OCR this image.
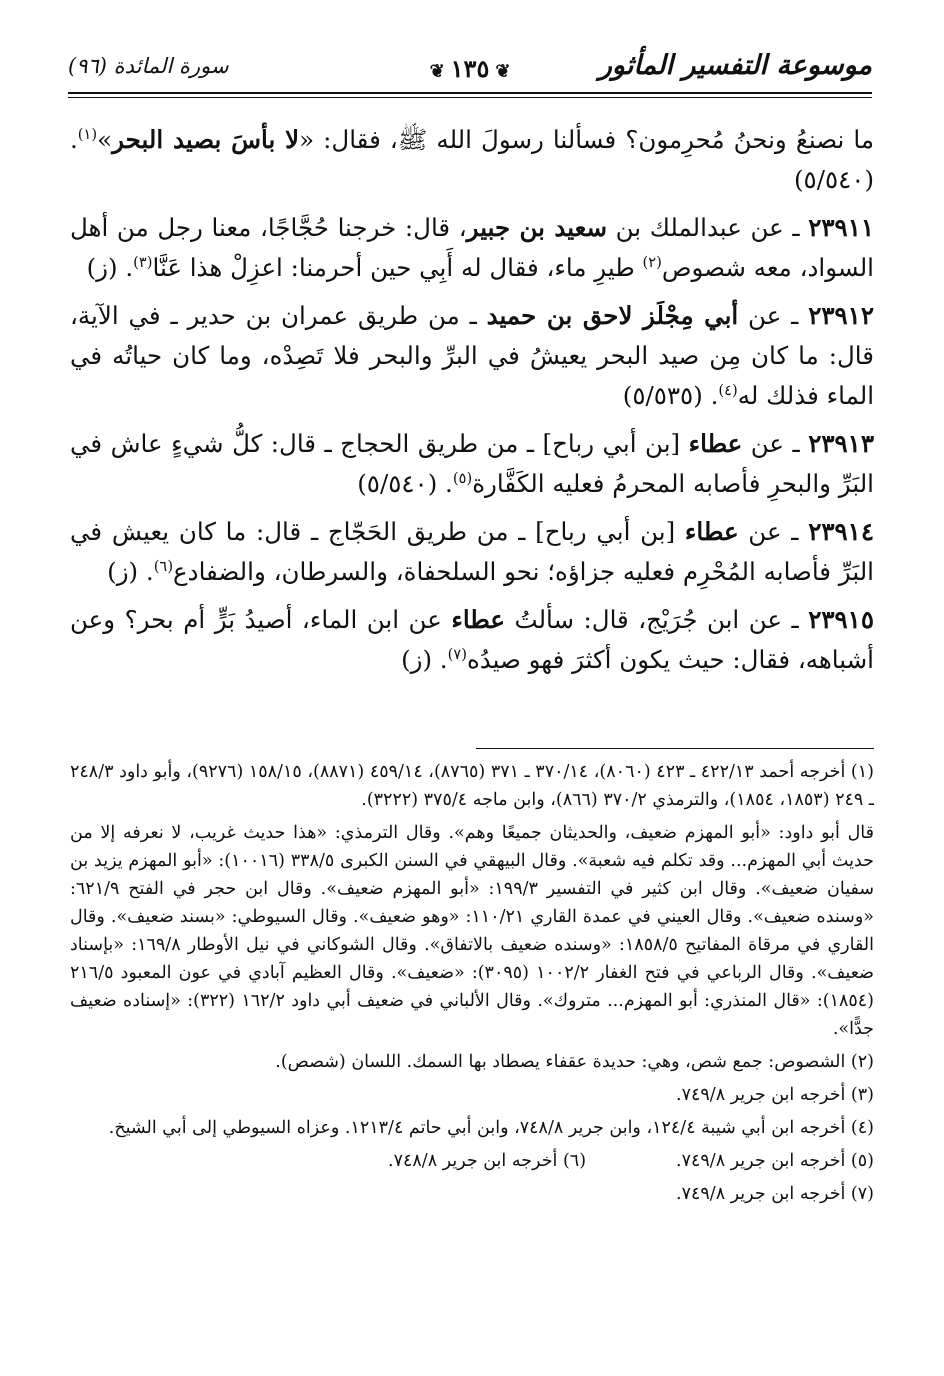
موسوعة التفسير المأثور
❦١٣٥❦
سورة المائدة (٩٦)

ما نصنعُ ونحنُ مُحرِمون؟ فسألنا رسولَ الله ﷺ، فقال: «لا بأسَ بصيد البحر»$^{(١)}$. (٥/٥٤٠)

٢٣٩١١ ـ عن عبدالملك بن سعيد بن جبير، قال: خرجنا حُجَّاجًا، معنا رجل من أهل السواد، معه شصوص$^{(٢)}$ طيرِ ماء، فقال له أَبِي حين أحرمنا: اعزِلْ هذا عَنَّا$^{(٣)}$. (ز)

٢٣٩١٢ ـ عن أبي مِجْلَز لاحق بن حميد ـ من طريق عمران بن حدير ـ في الآية، قال: ما كان مِن صيد البحر يعيشُ في البرِّ والبحر فلا تَصِدْه، وما كان حياتُه في الماء فذلك له$^{(٤)}$. (٥/٥٣٥)

٢٣٩١٣ ـ عن عطاء [بن أبي رباح] ـ من طريق الحجاج ـ قال: كلُّ شيءٍ عاش في البَرِّ والبحرِ فأصابه المحرمُ فعليه الكَفَّارة$^{(٥)}$. (٥/٥٤٠)

٢٣٩١٤ ـ عن عطاء [بن أبي رباح] ـ من طريق الحَجّاج ـ قال: ما كان يعيش في البَرِّ فأصابه المُحْرِم فعليه جزاؤه؛ نحو السلحفاة، والسرطان، والضفادع$^{(٦)}$. (ز)

٢٣٩١٥ ـ عن ابن جُرَيْج، قال: سألتُ عطاء عن ابن الماء، أصيدُ بَرٍّ أم بحر؟ وعن أشباهه، فقال: حيث يكون أكثرَ فهو صيدُه$^{(٧)}$. (ز)

(١) أخرجه أحمد ٤٢٢/١٣ ـ ٤٢٣ (٨٠٦٠)، ٣٧٠/١٤ ـ ٣٧١ (٨٧٦٥)، ٤٥٩/١٤ (٨٨٧١)، ١٥٨/١٥ (٩٢٧٦)، وأبو داود ٢٤٨/٣ ـ ٢٤٩ (١٨٥٣، ١٨٥٤)، والترمذي ٣٧٠/٢ (٨٦٦)، وابن ماجه ٣٧٥/٤ (٣٢٢٢).

قال أبو داود: «أبو المهزم ضعيف، والحديثان جميعًا وهم». وقال الترمذي: «هذا حديث غريب، لا نعرفه إلا من حديث أبي المهزم... وقد تكلم فيه شعبة». وقال البيهقي في السنن الكبرى ٣٣٨/٥ (١٠٠١٦): «أبو المهزم يزيد بن سفيان ضعيف». وقال ابن كثير في التفسير ١٩٩/٣: «أبو المهزم ضعيف». وقال ابن حجر في الفتح ٦٢١/٩: «وسنده ضعيف». وقال العيني في عمدة القاري ١١٠/٢١: «وهو ضعيف». وقال السيوطي: «بسند ضعيف». وقال القاري في مرقاة المفاتيح ١٨٥٨/٥: «وسنده ضعيف بالاتفاق». وقال الشوكاني في نيل الأوطار ١٦٩/٨: «بإسناد ضعيف». وقال الرباعي في فتح الغفار ١٠٠٢/٢ (٣٠٩٥): «ضعيف». وقال العظيم آبادي في عون المعبود ٢١٦/٥ (١٨٥٤): «قال المنذري: أبو المهزم... متروك». وقال الألباني في ضعيف أبي داود ١٦٢/٢ (٣٢٢): «إسناده ضعيف جدًّا».

(٢) الشصوص: جمع شص، وهي: حديدة عقفاء يصطاد بها السمك. اللسان (شصص).

(٣) أخرجه ابن جرير ٧٤٩/٨.

(٤) أخرجه ابن أبي شيبة ١٢٤/٤، وابن جرير ٧٤٨/٨، وابن أبي حاتم ١٢١٣/٤. وعزاه السيوطي إلى أبي الشيخ.

(٥) أخرجه ابن جرير ٧٤٩/٨.

(٦) أخرجه ابن جرير ٧٤٨/٨.

(٧) أخرجه ابن جرير ٧٤٩/٨.
